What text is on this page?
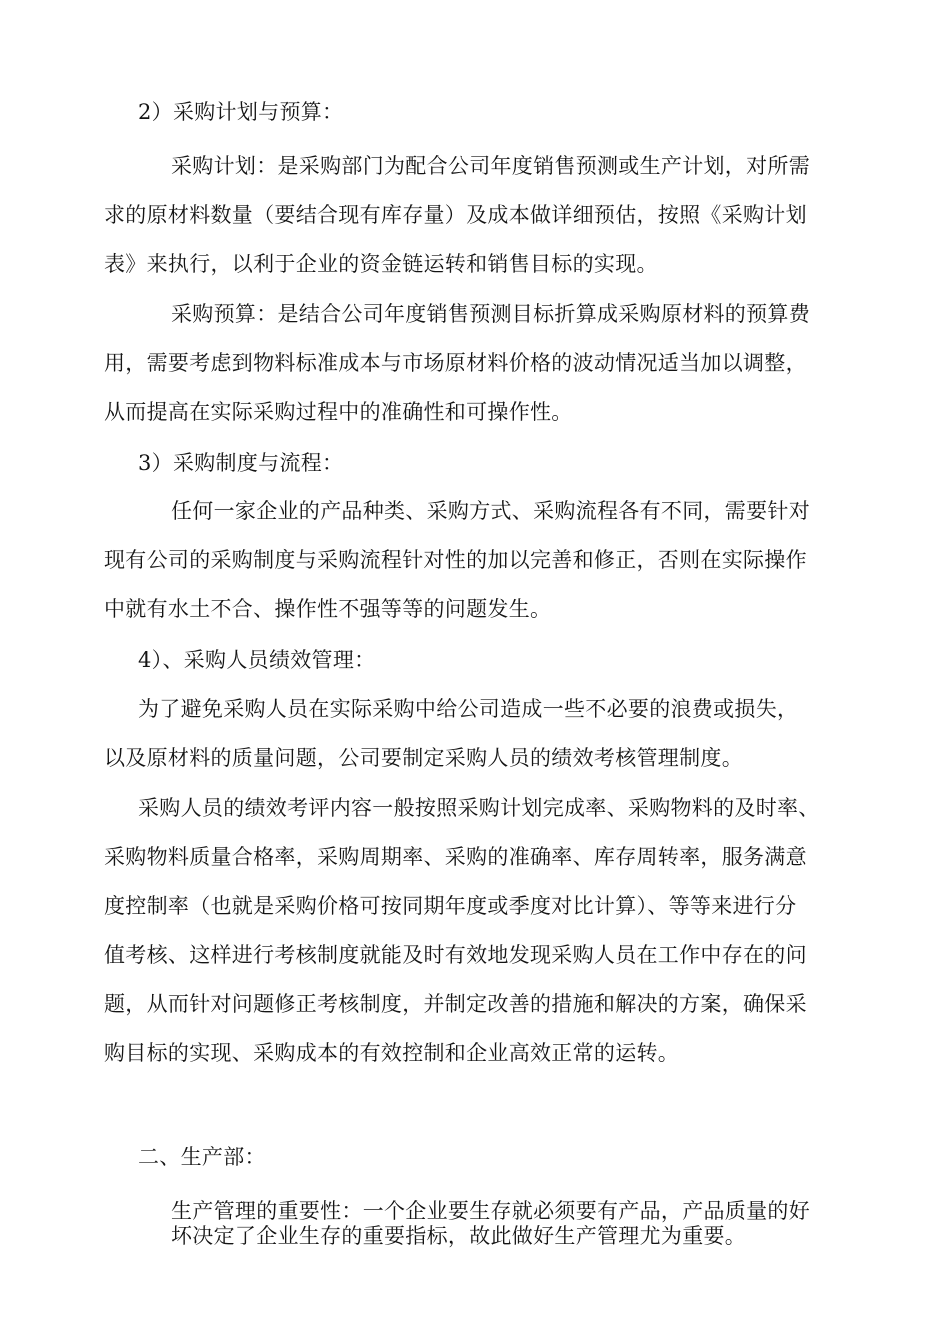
2）采购计划与预算：
采购计划：是采购部门为配合公司年度销售预测或生产计划，对所需
求的原材料数量（要结合现有库存量）及成本做详细预估，按照《采购计划
表》来执行，以利于企业的资金链运转和销售目标的实现。
采购预算：是结合公司年度销售预测目标折算成采购原材料的预算费
用，需要考虑到物料标准成本与市场原材料价格的波动情况适当加以调整，
从而提高在实际采购过程中的准确性和可操作性。
3）采购制度与流程：
任何一家企业的产品种类、采购方式、采购流程各有不同，需要针对
现有公司的采购制度与采购流程针对性的加以完善和修正，否则在实际操作
中就有水土不合、操作性不强等等的问题发生。
4）、采购人员绩效管理：
为了避免采购人员在实际采购中给公司造成一些不必要的浪费或损失，
以及原材料的质量问题，公司要制定采购人员的绩效考核管理制度。
采购人员的绩效考评内容一般按照采购计划完成率、采购物料的及时率、
采购物料质量合格率，采购周期率、采购的准确率、库存周转率，服务满意
度控制率（也就是采购价格可按同期年度或季度对比计算）、等等来进行分
值考核、这样进行考核制度就能及时有效地发现采购人员在工作中存在的问
题，从而针对问题修正考核制度，并制定改善的措施和解决的方案，确保采
购目标的实现、采购成本的有效控制和企业高效正常的运转。
二、生产部：
生产管理的重要性：一个企业要生存就必须要有产品，产品质量的好
坏决定了企业生存的重要指标，故此做好生产管理尤为重要。
